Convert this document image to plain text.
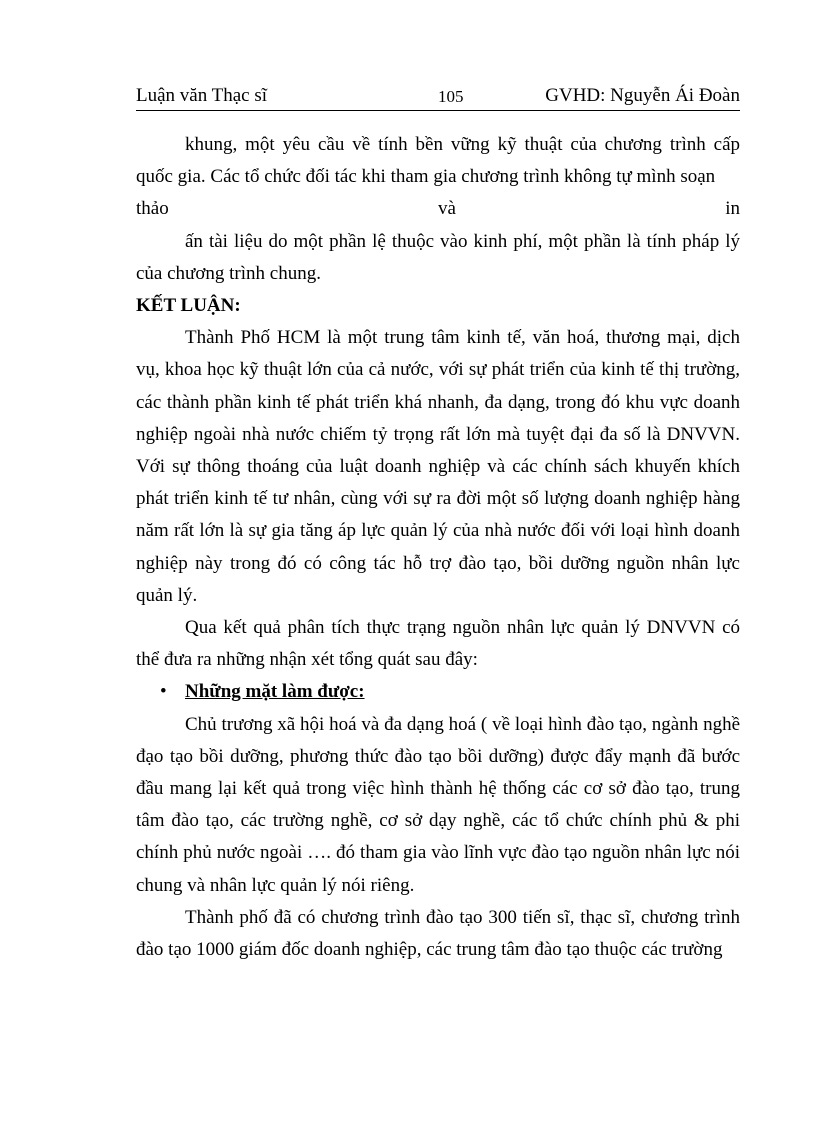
Luận văn Thạc sĩ	105	GVHD: Nguyễn Ái Đoàn

khung, một yêu cầu về tính bền vững kỹ thuật của chương trình cấp quốc gia. Các tổ chức đối tác khi tham gia chương trình không tự mình soạn

thảo	và	in

ấn tài liệu do một phần lệ thuộc vào kinh phí, một phần là tính pháp lý của chương trình chung.

KẾT LUẬN:

Thành Phố HCM là một trung tâm kinh tế, văn hoá, thương mại, dịch vụ, khoa học kỹ thuật lớn của cả nước, với sự phát triển của kinh tế thị trường, các thành phần kinh tế phát triển khá nhanh, đa dạng, trong đó khu vực doanh nghiệp ngoài nhà nước chiếm tỷ trọng rất lớn mà tuyệt đại đa số là DNVVN. Với sự thông thoáng của luật doanh nghiệp và các chính sách khuyến khích phát triển kinh tế tư nhân, cùng với sự ra đời một số lượng doanh nghiệp hàng năm rất lớn là sự gia tăng áp lực quản lý của nhà nước đối với loại hình doanh nghiệp này trong đó có công tác hỗ trợ đào tạo, bồi dưỡng nguồn nhân lực quản lý.

Qua kết quả phân tích thực trạng nguồn nhân lực quản lý DNVVN có thể đưa ra những nhận xét tổng quát sau đây:

• Những mặt làm được:

Chủ trương xã hội hoá và đa dạng hoá ( về loại hình đào tạo, ngành nghề đạo tạo bồi dưỡng, phương thức đào tạo bồi dưỡng) được đẩy mạnh đã bước đầu mang lại kết quả trong việc hình thành hệ thống các cơ sở đào tạo, trung tâm đào tạo, các trường nghề, cơ sở dạy nghề, các tổ chức chính phủ & phi chính phủ nước ngoài …. đó tham gia vào lĩnh vực đào tạo nguồn nhân lực nói chung và nhân lực quản lý nói riêng.

Thành phố đã có chương trình đào tạo 300 tiến sĩ, thạc sĩ, chương trình đào tạo 1000 giám đốc doanh nghiệp, các trung tâm đào tạo thuộc các trường
